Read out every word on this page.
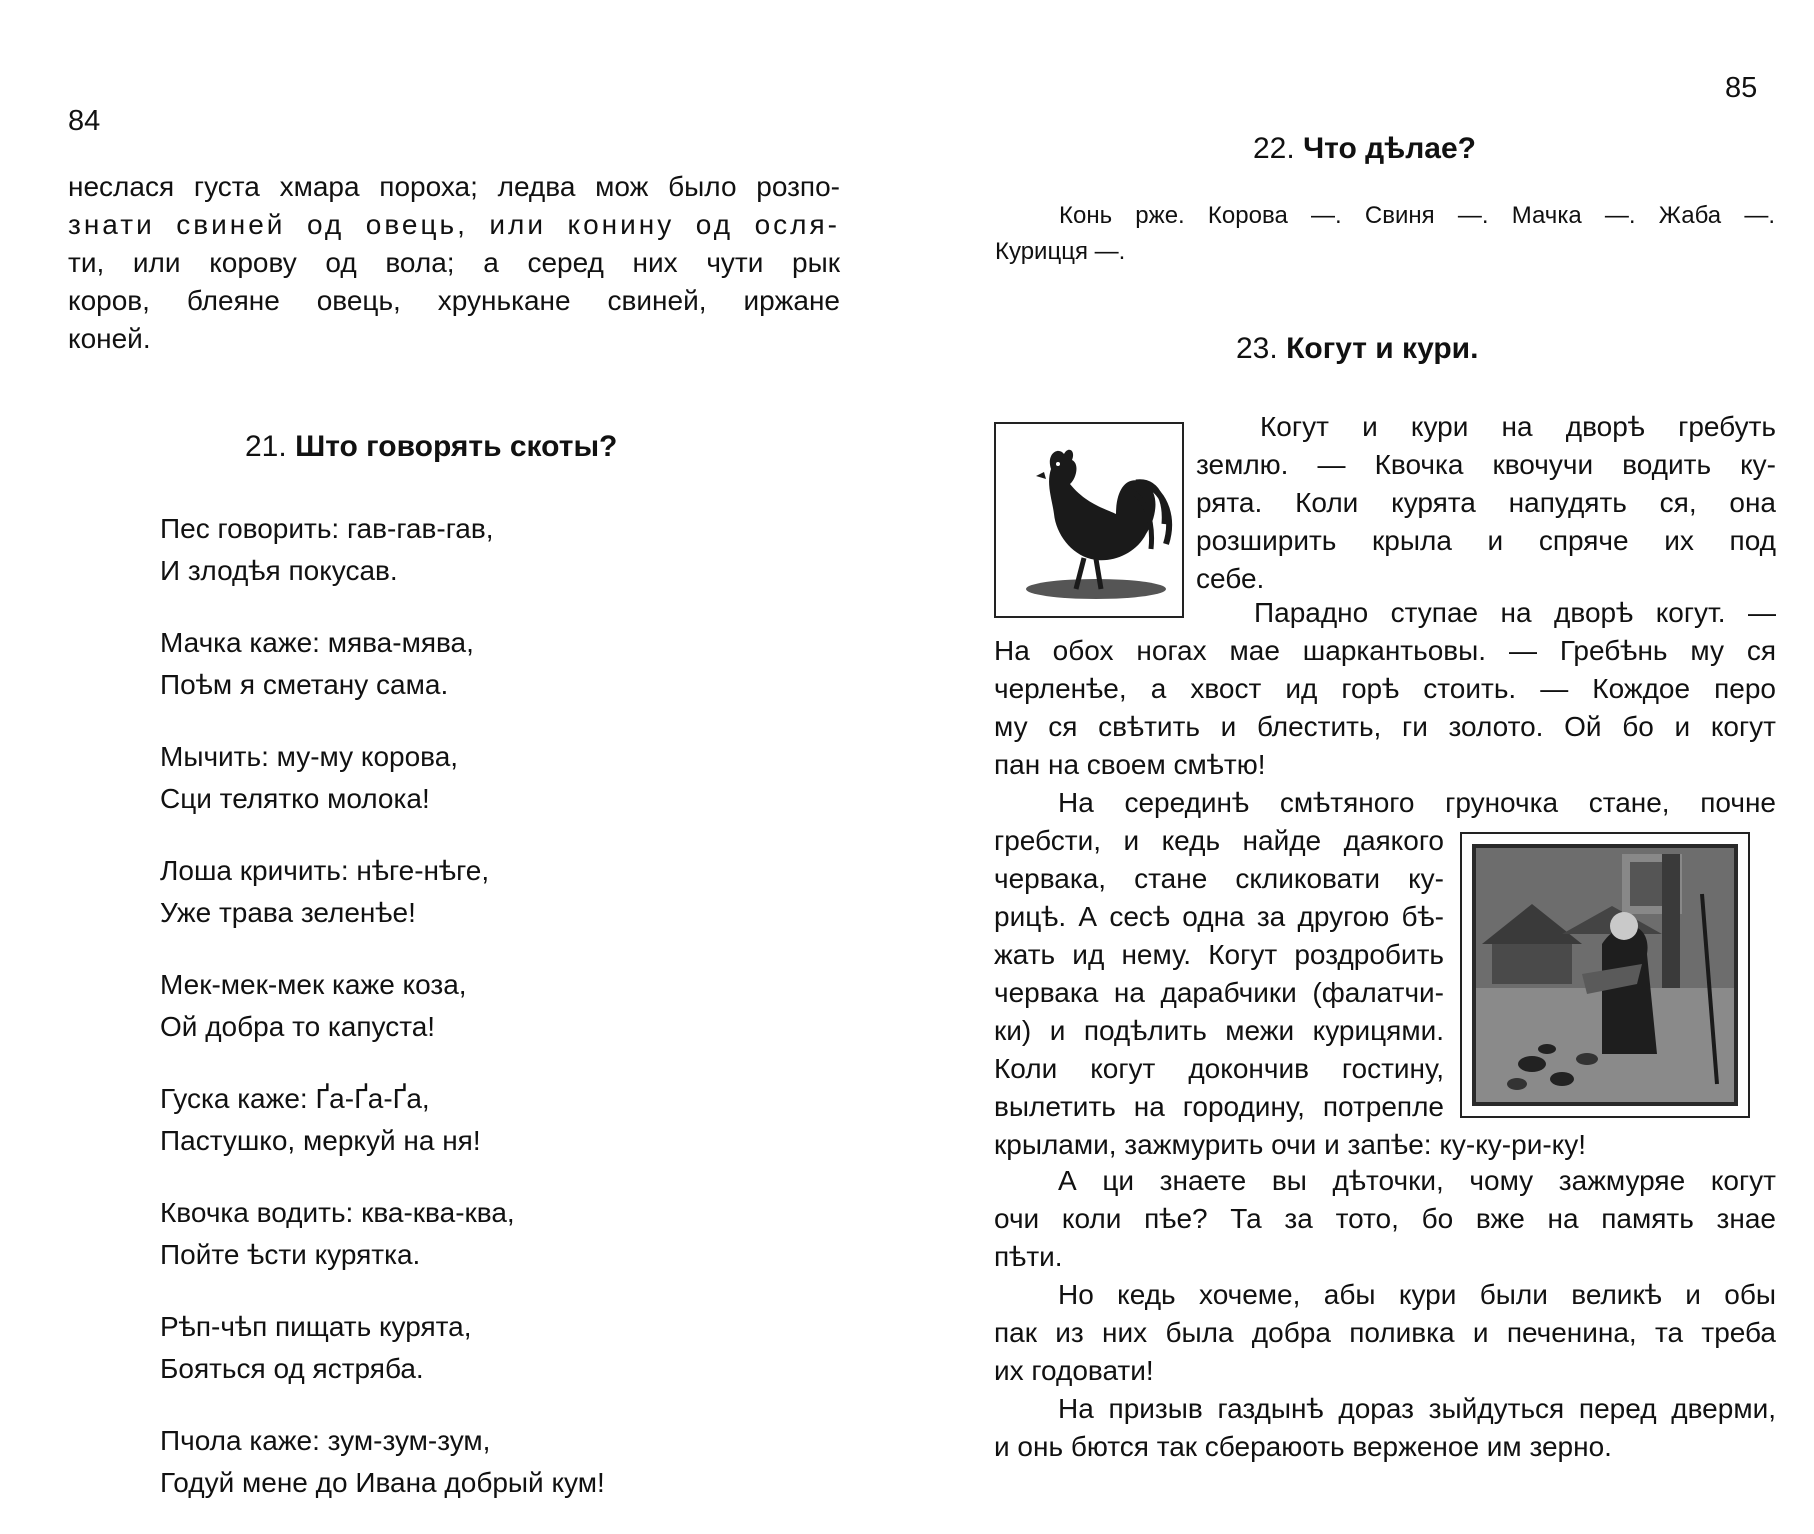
84

неслася густа хмара пороха; ледва мож было розпо-

знати свиней од овець, или конину од осля-

ти, или корову од вола; а серед них чути рык

коров, блеяне овець, хрунькане свиней, иржане

коней.

21. Што говорять скоты?

Пес говорить: гав-гав-гав,

И злодѣя покусав.

Мачка каже: мява-мява,

Поѣм я сметану сама.

Мычить: му-му корова,

Сци телятко молока!

Лоша кричить: нѣге-нѣге,

Уже трава зеленѣе!

Мек-мек-мек каже коза,

Ой добра то капуста!

Гуска каже: Ґа-Ґа-Ґа,

Пастушко, меркуй на ня!

Квочка водить: ква-ква-ква,

Пойте ѣсти курятка.

Рѣп-чѣп пищать курята,

Бояться од ястряба.

Пчола каже: зум-зум-зум,

Годуй мене до Ивана добрый кум!

85
22. Что дѣлае?

Конь рже. Корова —. Свиня —. Мачка —. Жаба —.

Курицця —.

23. Когут и кури.

Когут и кури на дворѣ гребуть

землю. — Квочка квочучи водить ку-

рята. Коли курята напудять ся, она

розширить крыла и спряче их под

себе.

Парадно ступае на дворѣ когут. —

На обох ногах мае шаркантьовы. — Гребѣнь му ся

черленѣе, а хвост ид горѣ стоить. — Кождое перо

му ся свѣтить и блестить, ги золото. Ой бо и когут

пан на своем смѣтю!

На серединѣ смѣтяного груночка стане, почне

гребсти, и кедь найде даякого

червака, стане скликовати ку-

рицѣ. А сесѣ одна за другою бѣ-

жать ид нему. Когут роздробить

червака на дарабчики (фалатчи-

ки) и подѣлить межи курицями.

Коли когут докончив гостину,

вылетить на городину, потрепле

крылами, зажмурить очи и запѣе: ку-ку-ри-ку!

А ци знаете вы дѣточки, чому зажмуряе когут

очи коли пѣе? Та за тото, бо вже на память знае

пѣти.

Но кедь хочеме, абы кури были великѣ и обы

пак из них была добра поливка и печенина, та треба

их годовати!

На призыв газдынѣ дораз зыйдуться перед дверми,

и онь бются так сбераюоть верженое им зерно.
